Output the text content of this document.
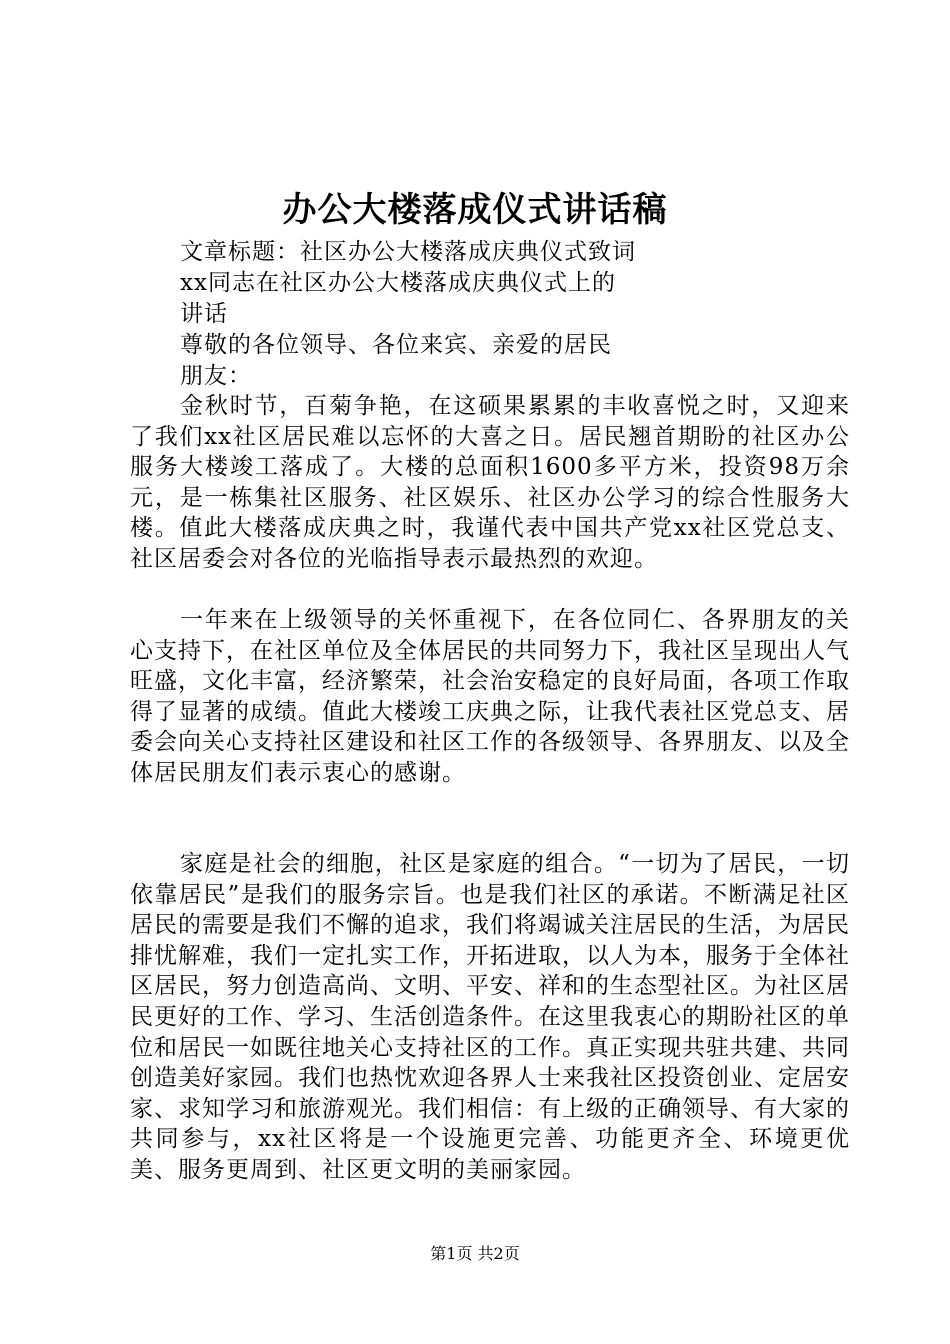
办公大楼落成仪式讲话稿

文章标题：社区办公大楼落成庆典仪式致词

xx同志在社区办公大楼落成庆典仪式上的

讲话

尊敬的各位领导、各位来宾、亲爱的居民

朋友：

金秋时节，百菊争艳，在这硕果累累的丰收喜悦之时，又迎来了我们xx社区居民难以忘怀的大喜之日。居民翘首期盼的社区办公服务大楼竣工落成了。大楼的总面积1600多平方米，投资98万余元，是一栋集社区服务、社区娱乐、社区办公学习的综合性服务大楼。值此大楼落成庆典之时，我谨代表中国共产党xx社区党总支、社区居委会对各位的光临指导表示最热烈的欢迎。

一年来在上级领导的关怀重视下，在各位同仁、各界朋友的关心支持下，在社区单位及全体居民的共同努力下，我社区呈现出人气旺盛，文化丰富，经济繁荣，社会治安稳定的良好局面，各项工作取得了显著的成绩。值此大楼竣工庆典之际，让我代表社区党总支、居委会向关心支持社区建设和社区工作的各级领导、各界朋友、以及全体居民朋友们表示衷心的感谢。

家庭是社会的细胞，社区是家庭的组合。“一切为了居民，一切依靠居民”是我们的服务宗旨。也是我们社区的承诺。不断满足社区居民的需要是我们不懈的追求，我们将竭诚关注居民的生活，为居民排忧解难，我们一定扎实工作，开拓进取，以人为本，服务于全体社区居民，努力创造高尚、文明、平安、祥和的生态型社区。为社区居民更好的工作、学习、生活创造条件。在这里我衷心的期盼社区的单位和居民一如既往地关心支持社区的工作。真正实现共驻共建、共同创造美好家园。我们也热忱欢迎各界人士来我社区投资创业、定居安家、求知学习和旅游观光。我们相信：有上级的正确领导、有大家的共同参与，xx社区将是一个设施更完善、功能更齐全、环境更优美、服务更周到、社区更文明的美丽家园。

第1页 共2页
